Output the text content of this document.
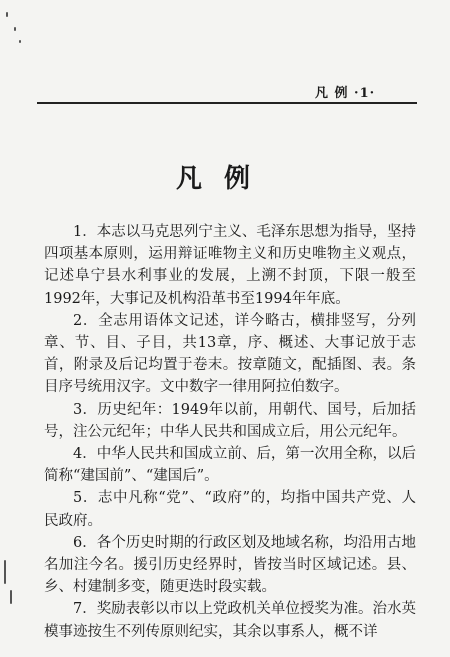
凡 例 ·1·
凡例

1．本志以马克思列宁主义、毛泽东思想为指导，坚持四项基本原则，运用辩证唯物主义和历史唯物主义观点，记述阜宁县水利事业的发展，上溯不封顶，下限一般至1992年，大事记及机构沿革书至1994年年底。

2．全志用语体文记述，详今略古，横排竖写，分列章、节、目、子目，共13章，序、概述、大事记放于志首，附录及后记均置于卷末。按章随文，配插图、表。条目序号统用汉字。文中数字一律用阿拉伯数字。

3．历史纪年：1949年以前，用朝代、国号，后加括号，注公元纪年；中华人民共和国成立后，用公元纪年。

4．中华人民共和国成立前、后，第一次用全称，以后简称“建国前”、“建国后”。

5．志中凡称“党”、“政府”的，均指中国共产党、人民政府。

6．各个历史时期的行政区划及地域名称，均沿用古地名加注今名。援引历史经界时，皆按当时区域记述。县、乡、村建制多变，随更迭时段实载。

7．奖励表彰以市以上党政机关单位授奖为准。治水英模事迹按生不列传原则纪实，其余以事系人，概不详
